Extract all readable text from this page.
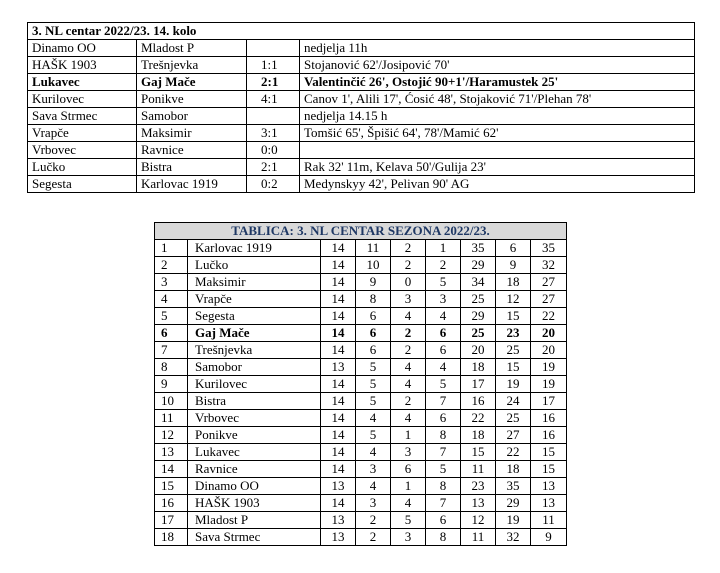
3. NL centar 2022/23. 14. kolo			
Dinamo OO	Mladost P		nedjelja 11h
HAŠK 1903	Trešnjevka	1:1	Stojanović 62'/Josipović 70'
Lukavec	Gaj Mače	2:1	Valentinčić 26', Ostojić 90+1'/Haramustek 25'
Kurilovec	Ponikve	4:1	Canov 1', Alili 17', Ćosić 48', Stojaković 71'/Plehan 78'
Sava Strmec	Samobor		nedjelja 14.15 h
Vrapče	Maksimir	3:1	Tomšić 65', Špišić 64', 78'/Mamić 62'
Vrbovec	Ravnice	0:0	
Lučko	Bistra	2:1	Rak 32' 11m, Kelava 50'/Gulija 23'
Segesta	Karlovac 1919	0:2	Medynskyy 42', Pelivan 90' AG
TABLICA: 3. NL CENTAR SEZONA 2022/23.								
1	Karlovac 1919	14	11	2	1	35	6	35
2	Lučko	14	10	2	2	29	9	32
3	Maksimir	14	9	0	5	34	18	27
4	Vrapče	14	8	3	3	25	12	27
5	Segesta	14	6	4	4	29	15	22
6	Gaj Mače	14	6	2	6	25	23	20
7	Trešnjevka	14	6	2	6	20	25	20
8	Samobor	13	5	4	4	18	15	19
9	Kurilovec	14	5	4	5	17	19	19
10	Bistra	14	5	2	7	16	24	17
11	Vrbovec	14	4	4	6	22	25	16
12	Ponikve	14	5	1	8	18	27	16
13	Lukavec	14	4	3	7	15	22	15
14	Ravnice	14	3	6	5	11	18	15
15	Dinamo OO	13	4	1	8	23	35	13
16	HAŠK 1903	14	3	4	7	13	29	13
17	Mladost P	13	2	5	6	12	19	11
18	Sava Strmec	13	2	3	8	11	32	9
